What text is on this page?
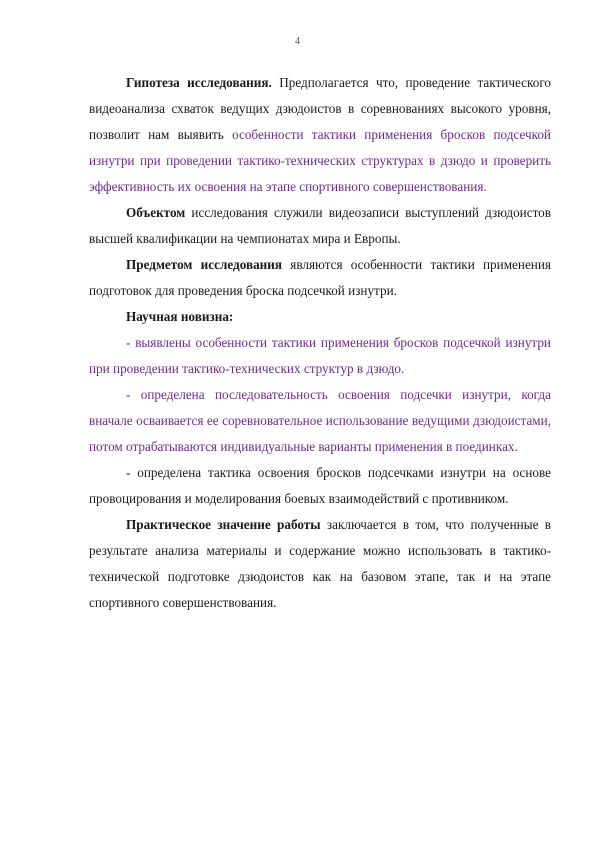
4

Гипотеза исследования. Предполагается что, проведение тактического видеоанализа схваток ведущих дзюдоистов в соревнованиях высокого уровня, позволит нам выявить особенности тактики применения бросков подсечкой изнутри при проведении тактико-технических структурах в дзюдо и проверить эффективность их освоения на этапе спортивного совершенствования.

Объектом исследования служили видеозаписи выступлений дзюдоистов высшей квалификации на чемпионатах мира и Европы.

Предметом исследования являются особенности тактики применения подготовок для проведения броска подсечкой изнутри.

Научная новизна:

- выявлены особенности тактики применения бросков подсечкой изнутри при проведении тактико-технических структур в дзюдо.

- определена последовательность освоения подсечки изнутри, когда вначале осваивается ее соревновательное использование ведущими дзюдоистами, потом отрабатываются индивидуальные варианты применения в поединках.

- определена тактика освоения бросков подсечками изнутри на основе провоцирования и моделирования боевых взаимодействий с противником.

Практическое значение работы заключается в том, что полученные в результате анализа материалы и содержание можно использовать в тактико-технической подготовке дзюдоистов как на базовом этапе, так и на этапе спортивного совершенствования.
